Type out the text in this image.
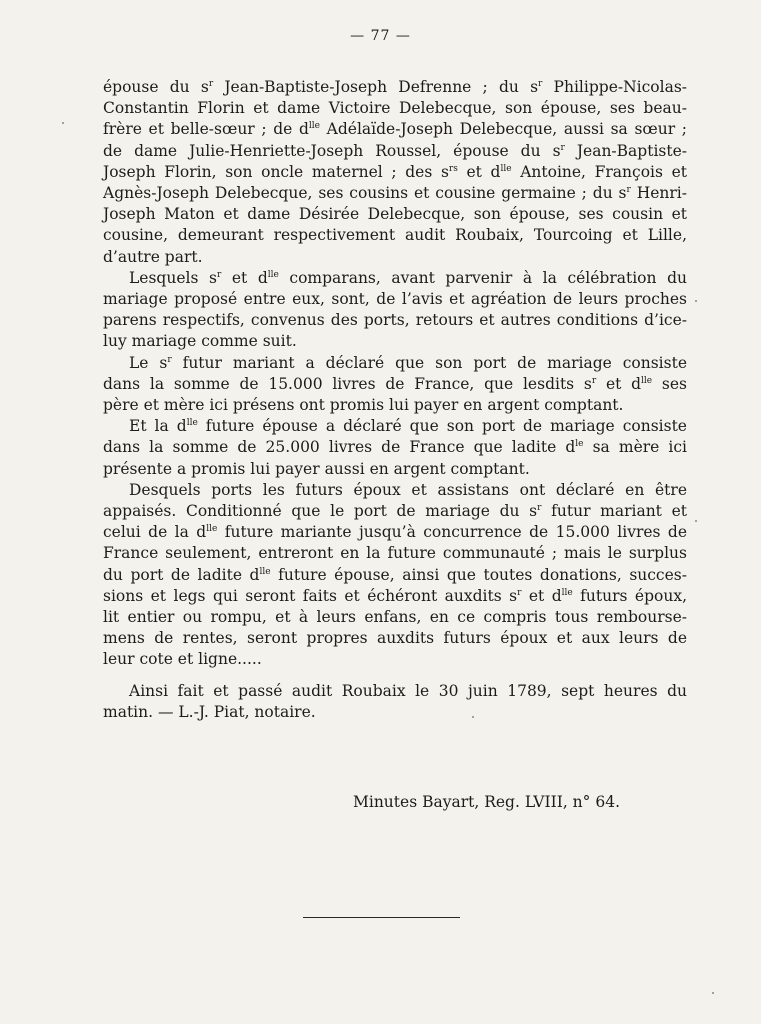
— 77 —
épouse du $s^r$ Jean-Baptiste-Joseph Defrenne ; du $s^r$ Philippe-Nicolas-
Constantin Florin et dame Victoire Delebecque, son épouse, ses beau-
frère et belle-sœur ; de $d^{lle}$ Adélaïde-Joseph Delebecque, aussi sa sœur ;
de dame Julie-Henriette-Joseph Roussel, épouse du $s^r$ Jean-Baptiste-
Joseph Florin, son oncle maternel ; des $s^{rs}$ et $d^{lle}$ Antoine, François et
Agnès-Joseph Delebecque, ses cousins et cousine germaine ; du $s^r$ Henri-
Joseph Maton et dame Désirée Delebecque, son épouse, ses cousin et
cousine, demeurant respectivement audit Roubaix, Tourcoing et Lille,
d’autre part.
Lesquels $s^r$ et $d^{lle}$ comparans, avant parvenir à la célébration du
mariage proposé entre eux, sont, de l’avis et agréation de leurs proches
parens respectifs, convenus des ports, retours et autres conditions d’ice-
luy mariage comme suit.
Le $s^r$ futur mariant a déclaré que son port de mariage consiste
dans la somme de 15.000 livres de France, que lesdits $s^r$ et $d^{lle}$ ses
père et mère ici présens ont promis lui payer en argent comptant.
Et la $d^{lle}$ future épouse a déclaré que son port de mariage consiste
dans la somme de 25.000 livres de France que ladite $d^{le}$ sa mère ici
présente a promis lui payer aussi en argent comptant.
Desquels ports les futurs époux et assistans ont déclaré en être
appaisés. Conditionné que le port de mariage du $s^r$ futur mariant et
celui de la $d^{lle}$ future mariante jusqu’à concurrence de 15.000 livres de
France seulement, entreront en la future communauté ; mais le surplus
du port de ladite $d^{lle}$ future épouse, ainsi que toutes donations, succes-
sions et legs qui seront faits et échéront auxdits $s^r$ et $d^{lle}$ futurs époux,
lit entier ou rompu, et à leurs enfans, en ce compris tous rembourse-
mens de rentes, seront propres auxdits futurs époux et aux leurs de
leur cote et ligne.....
Ainsi fait et passé audit Roubaix le 30 juin 1789, sept heures du
matin. — L.-J. Piat, notaire.
Minutes Bayart, Reg. LVIII, n° 64.
